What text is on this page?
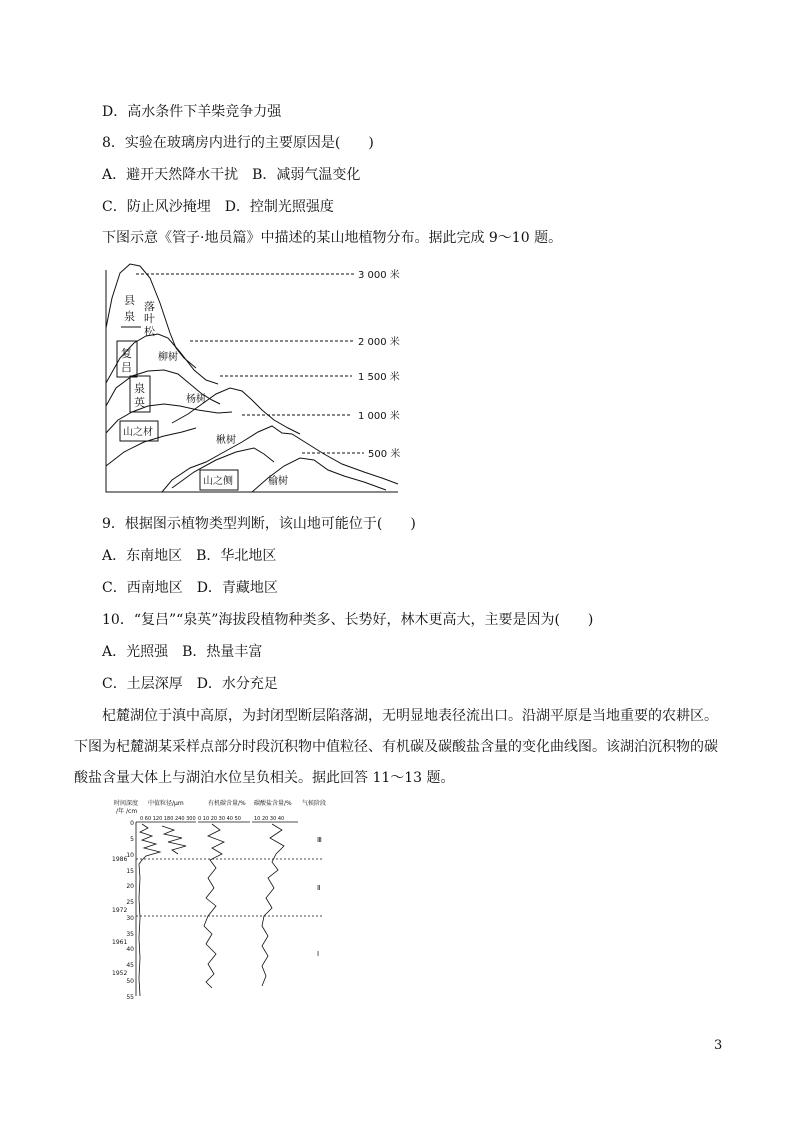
D．高水条件下羊柴竞争力强
8．实验在玻璃房内进行的主要原因是(　　)
A．避开天然降水干扰　B．减弱气温变化
C．防止风沙掩埋　D．控制光照强度
下图示意《管子·地员篇》中描述的某山地植物分布。据此完成 9～10 题。
3 000 米
2 000 米
1 500 米
1 000 米
500 米
县
泉
落
叶
松
复
吕
柳树
泉
英	杨树
山之材
楸树
山之侧	榆树
9．根据图示植物类型判断，该山地可能位于(　　)
A．东南地区　B．华北地区
C．西南地区　D．青藏地区
10．“复吕”“泉英”海拔段植物种类多、长势好，林木更高大，主要是因为(　　)
A．光照强　B．热量丰富
C．土层深厚　D．水分充足
杞麓湖位于滇中高原，为封闭型断层陷落湖，无明显地表径流出口。沿湖平原是当地重要的农耕区。下图为杞麓湖某采样点部分时段沉积物中值粒径、有机碳及碳酸盐含量的变化曲线图。该湖泊沉积物的碳酸盐含量大体上与湖泊水位呈负相关。据此回答 11～13 题。
时间
/年
深度
/cm
中值粒径/μm	有机碳含量/% 碳酸盐含量/% 气候阶段
0 60 120 180 240 300 0 10 20 30 40 50	10 20 30 40
0
5
10
15
20
25
30
35
40
45
50
55
1986
1972
1961
1952
Ⅲ
Ⅱ
Ⅰ
3
